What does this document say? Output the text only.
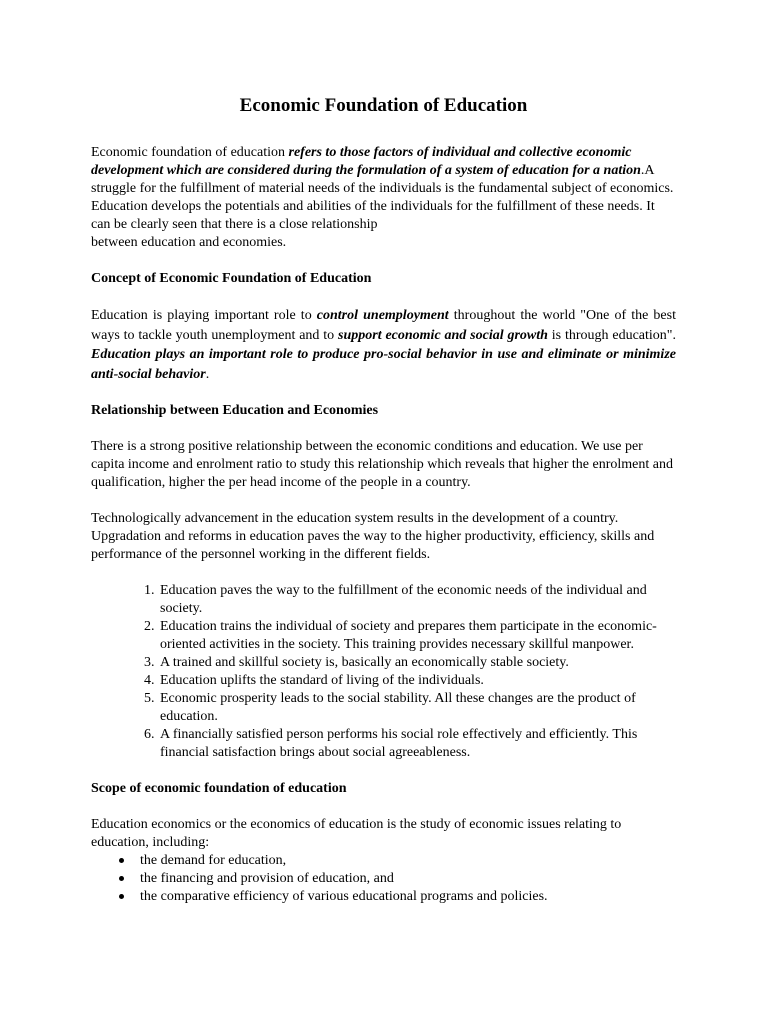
Economic Foundation of Education

Economic foundation of education refers to those factors of individual and collective economic development which are considered during the formulation of a system of education for a nation.A struggle for the fulfillment of material needs of the individuals is the fundamental subject of economics. Education develops the potentials and abilities of the individuals for the fulfillment of these needs. It can be clearly seen that there is a close relationship
between education and economies.

Concept of Economic Foundation of Education

Education is playing important role to control unemployment throughout the world "One of the best ways to tackle youth unemployment and to support economic and social growth is through education". Education plays an important role to produce pro-social behavior in use and eliminate or minimize anti-social behavior.

Relationship between Education and Economies

There is a strong positive relationship between the economic conditions and education. We use per capita income and enrolment ratio to study this relationship which reveals that higher the enrolment and qualification, higher the per head income of the people in a country.

Technologically advancement in the education system results in the development of a country. Upgradation and reforms in education paves the way to the higher productivity, efficiency, skills and performance of the personnel working in the different fields.

1. Education paves the way to the fulfillment of the economic needs of the individual and society.
2. Education trains the individual of society and prepares them participate in the economic-oriented activities in the society. This training provides necessary skillful manpower.
3. A trained and skillful society is, basically an economically stable society.
4. Education uplifts the standard of living of the individuals.
5. Economic prosperity leads to the social stability. All these changes are the product of education.
6. A financially satisfied person performs his social role effectively and efficiently. This financial satisfaction brings about social agreeableness.
Scope of economic foundation of education

Education economics or the economics of education is the study of economic issues relating to education, including:

the demand for education,
the financing and provision of education, and
the comparative efficiency of various educational programs and policies.
